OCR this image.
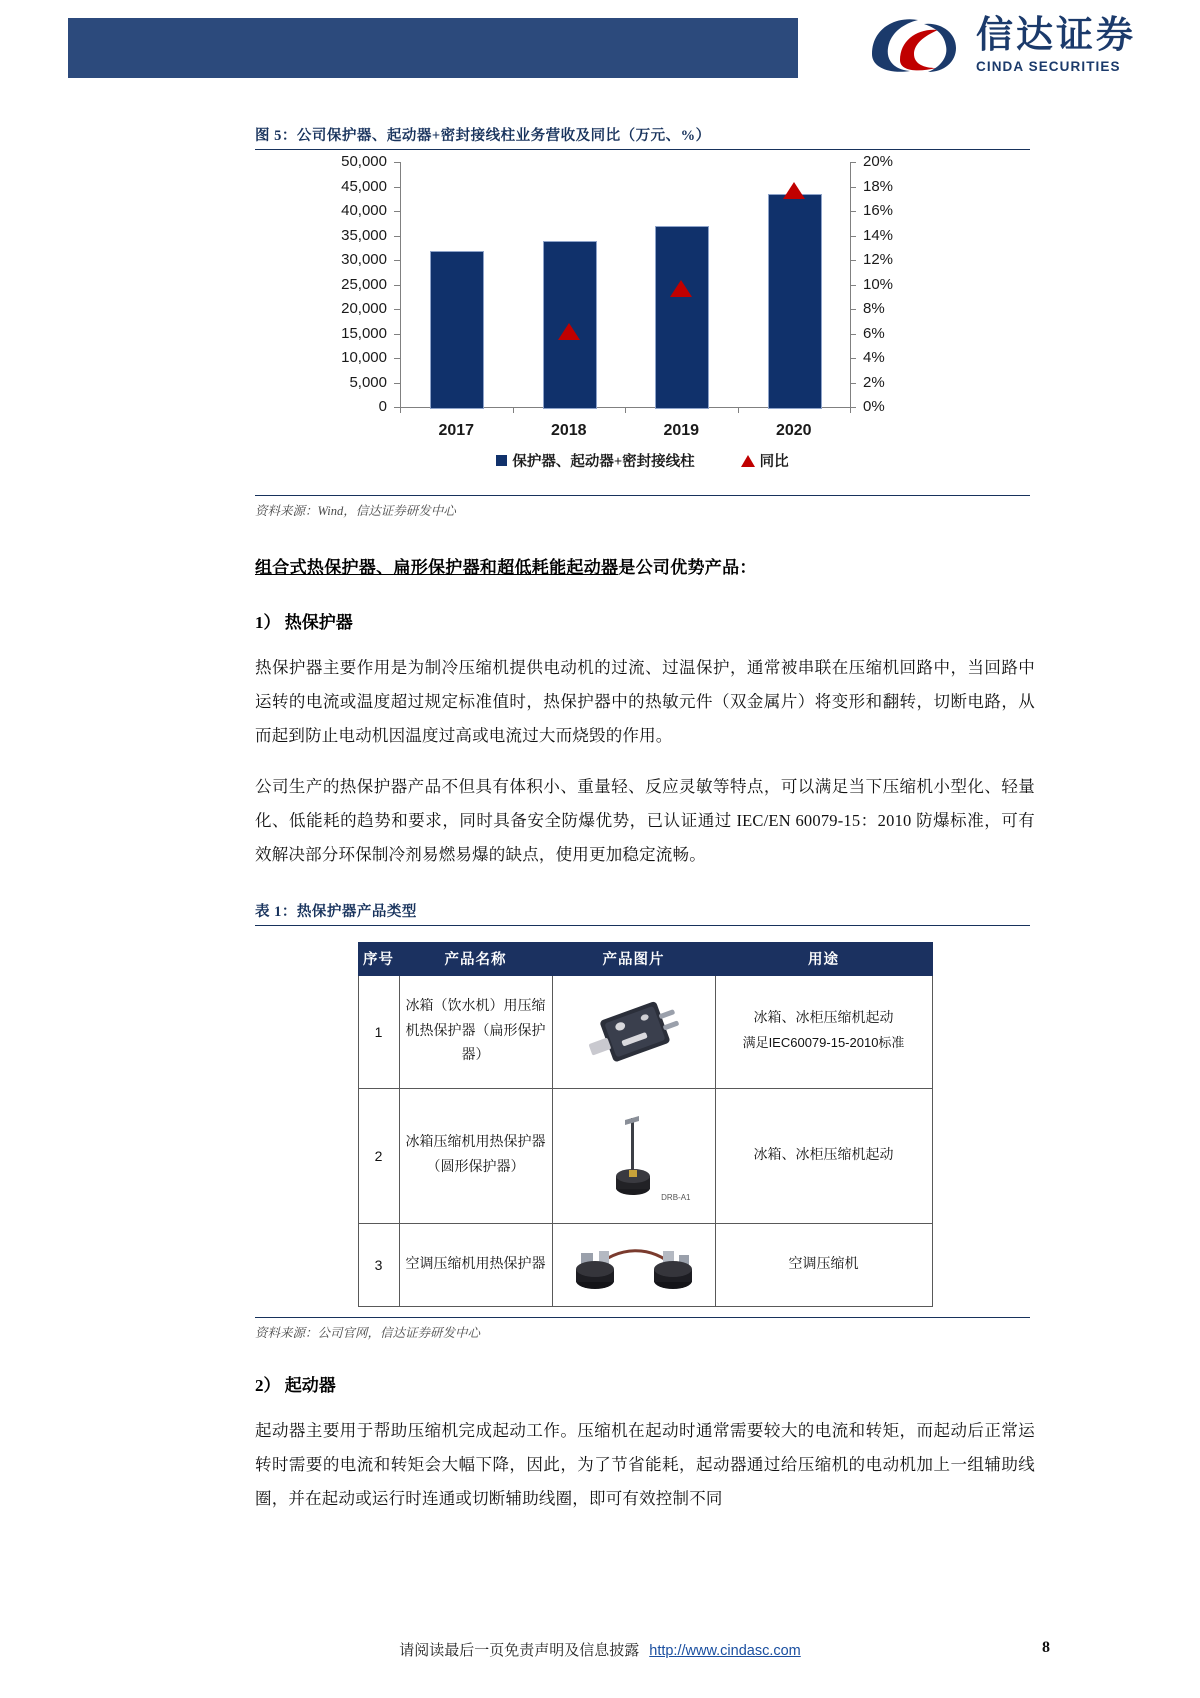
信达证券
CINDA SECURITIES
图 5：公司保护器、起动器+密封接线柱业务营收及同比（万元、%）
0
5,000
10,000
15,000
20,000
25,000
30,000
35,000
40,000
45,000
50,000
0%
2%
4%
6%
8%
10%
12%
14%
16%
18%
20%
2017	2018	2019	2020
保护器、起动器+密封接线柱	同比
资料来源：Wind，信达证券研发中心

组合式热保护器、扁形保护器和超低耗能起动器是公司优势产品：

1） 热保护器

热保护器主要作用是为制冷压缩机提供电动机的过流、过温保护，通常被串联在压缩机回路中，当回路中运转的电流或温度超过规定标准值时，热保护器中的热敏元件（双金属片）将变形和翻转，切断电路，从而起到防止电动机因温度过高或电流过大而烧毁的作用。

公司生产的热保护器产品不但具有体积小、重量轻、反应灵敏等特点，可以满足当下压缩机小型化、轻量化、低能耗的趋势和要求，同时具备安全防爆优势，已认证通过 IEC/EN 60079-15：2010 防爆标准，可有效解决部分环保制冷剂易燃易爆的缺点，使用更加稳定流畅。

表 1：热保护器产品类型
序号	产品名称	产品图片	用途
1	冰箱（饮水机）用压缩机热保护器（扁形保护器）		冰箱、冰柜压缩机起动
满足IEC60079-15-2010标准
2	冰箱压缩机用热保护器（圆形保护器）	DRB-A1	冰箱、冰柜压缩机起动
3	空调压缩机用热保护器		空调压缩机
资料来源：公司官网，信达证券研发中心

2） 起动器

起动器主要用于帮助压缩机完成起动工作。压缩机在起动时通常需要较大的电流和转矩，而起动后正常运转时需要的电流和转矩会大幅下降，因此，为了节省能耗，起动器通过给压缩机的电动机加上一组辅助线圈，并在起动或运行时连通或切断辅助线圈，即可有效控制不同

请阅读最后一页免责声明及信息披露 http://www.cindasc.com	8
